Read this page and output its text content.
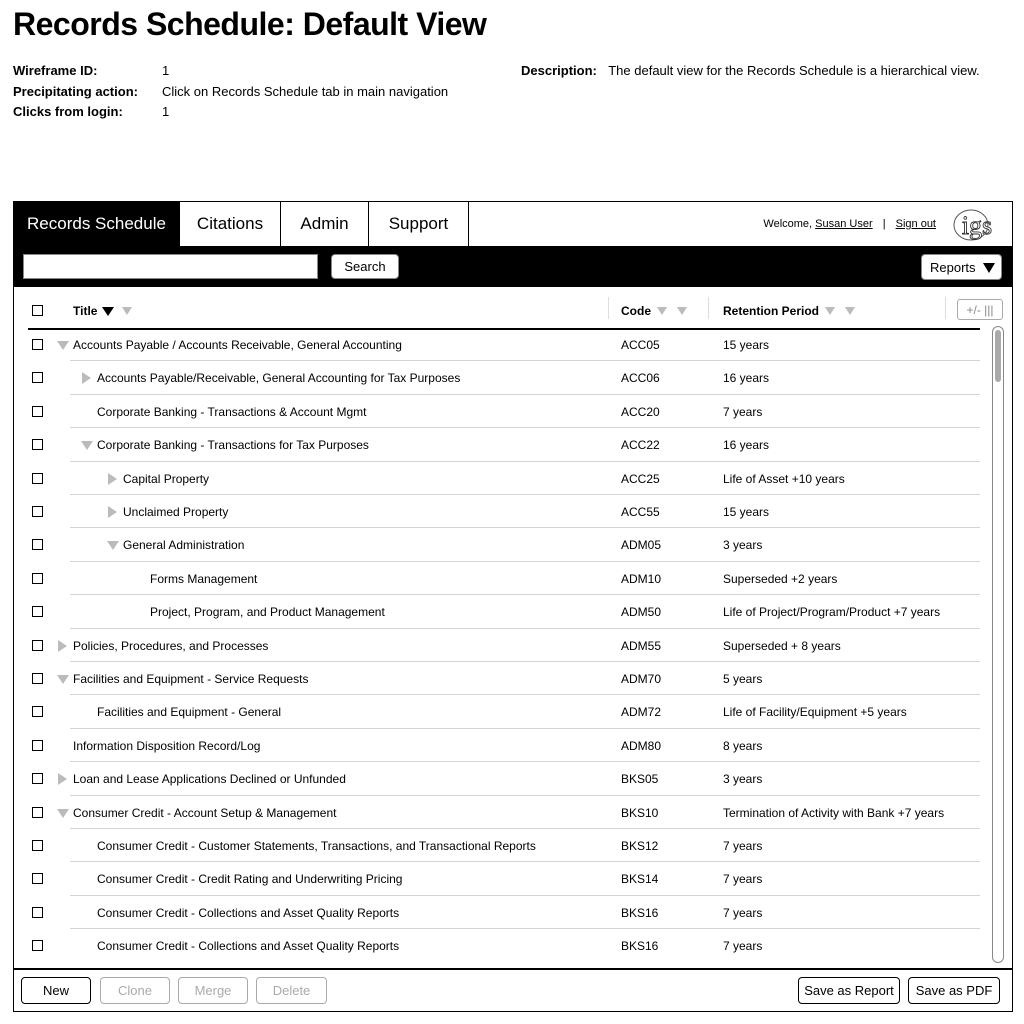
Records Schedule: Default View
Wireframe ID:	1
Precipitating action: Click on Records Schedule tab in main navigation
Clicks from login:	1
Description: The default view for the Records Schedule is a hierarchical view.
Records Schedule	Citations	Admin	Support	Welcome, Susan User | Sign out igs
Search	Reports
Title	Code	Retention Period	+/- |||
Accounts Payable / Accounts Receivable, General Accounting	ACC05	15 years
Accounts Payable/Receivable, General Accounting for Tax Purposes	ACC06	16 years
Corporate Banking - Transactions & Account Mgmt	ACC20	7 years
Corporate Banking - Transactions for Tax Purposes	ACC22	16 years
Capital Property	ACC25	Life of Asset +10 years
Unclaimed Property	ACC55	15 years
General Administration	ADM05	3 years
Forms Management	ADM10	Superseded +2 years
Project, Program, and Product Management	ADM50	Life of Project/Program/Product +7 years
Policies, Procedures, and Processes	ADM55	Superseded + 8 years
Facilities and Equipment - Service Requests	ADM70	5 years
Facilities and Equipment - General	ADM72	Life of Facility/Equipment +5 years
Information Disposition Record/Log	ADM80	8 years
Loan and Lease Applications Declined or Unfunded	BKS05	3 years
Consumer Credit - Account Setup & Management	BKS10	Termination of Activity with Bank +7 years
Consumer Credit - Customer Statements, Transactions, and Transactional Reports	BKS12	7 years
Consumer Credit - Credit Rating and Underwriting Pricing	BKS14	7 years
Consumer Credit - Collections and Asset Quality Reports	BKS16	7 years
Consumer Credit - Collections and Asset Quality Reports	BKS16	7 years
New	Clone	Merge	Delete	Save as Report	Save as PDF
